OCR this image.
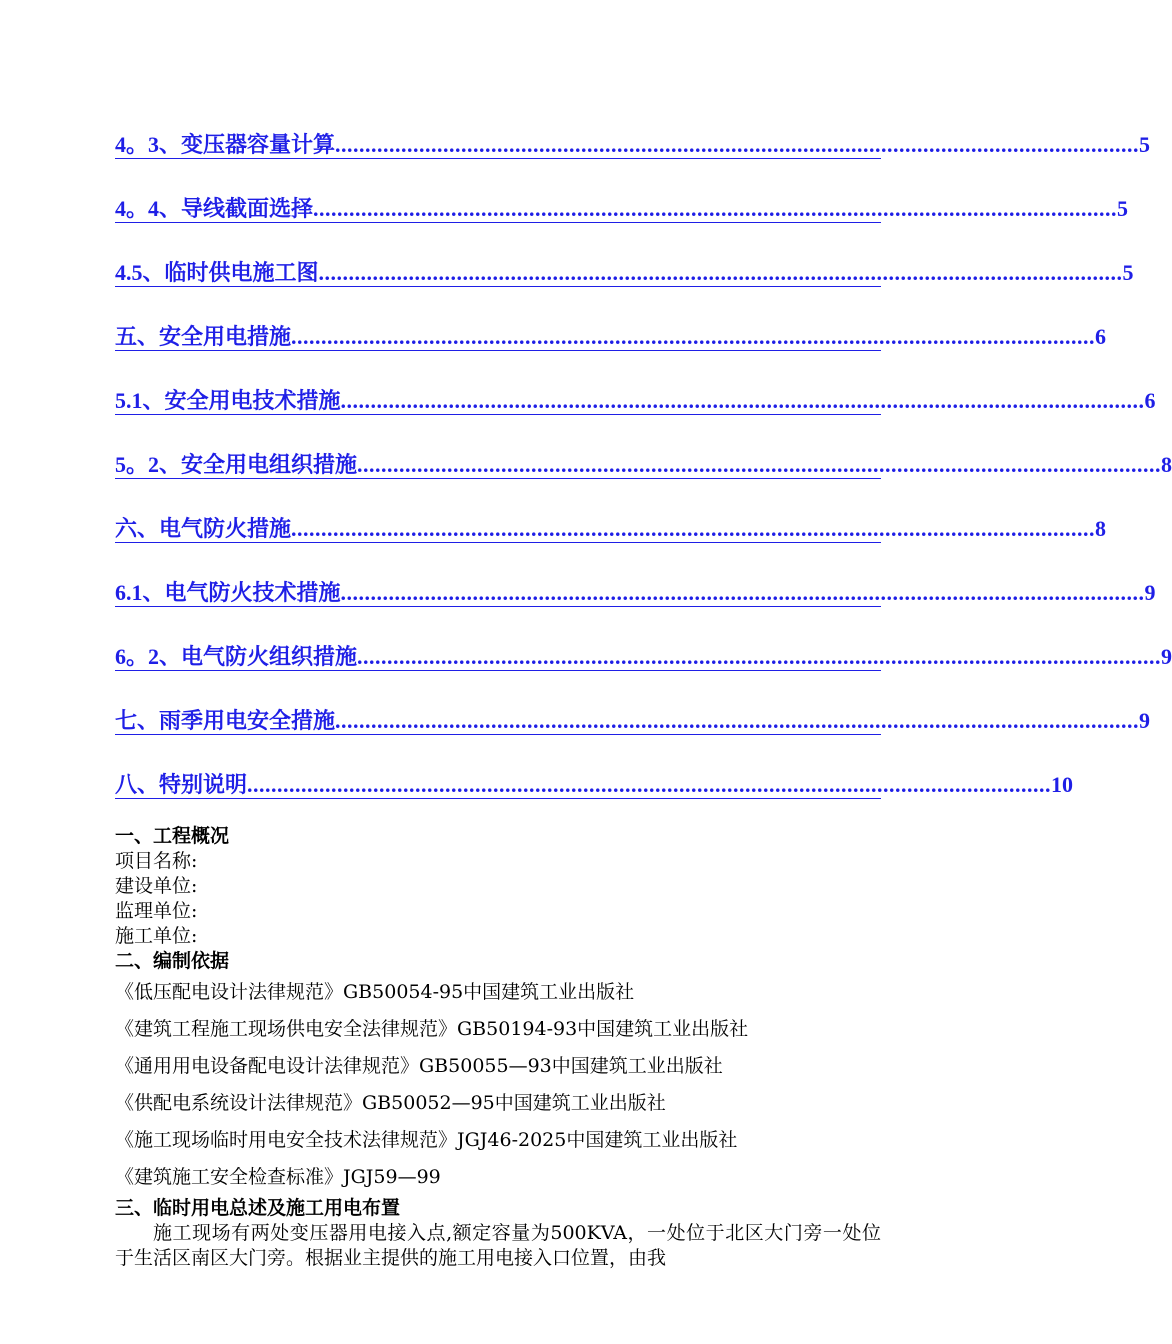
4。3、变压器容量计算 ...................................................................................................................................... 5
4。4、导线截面选择 ...................................................................................................................................... 5
4.5、临时供电施工图 ...................................................................................................................................... 5
五、安全用电措施 ...................................................................................................................................... 6
5.1、安全用电技术措施 ...................................................................................................................................... 6
5。2、安全用电组织措施 ...................................................................................................................................... 8
六、电气防火措施 ...................................................................................................................................... 8
6.1、电气防火技术措施 ...................................................................................................................................... 9
6。2、电气防火组织措施 ...................................................................................................................................... 9
七、雨季用电安全措施 ...................................................................................................................................... 9
八、特别说明 ...................................................................................................................................... 10
一、工程概况
项目名称:
建设单位:
监理单位:
施工单位:
二、编制依据
《低压配电设计法律规范》GB50054-95中国建筑工业出版社
《建筑工程施工现场供电安全法律规范》GB50194-93中国建筑工业出版社
《通用用电设备配电设计法律规范》GB50055—93中国建筑工业出版社
《供配电系统设计法律规范》GB50052—95中国建筑工业出版社
《施工现场临时用电安全技术法律规范》JGJ46-2025中国建筑工业出版社
《建筑施工安全检查标准》JGJ59—99
三、临时用电总述及施工用电布置
施工现场有两处变压器用电接入点,额定容量为500KVA，一处位于北区大门旁一处位于生活区南区大门旁。根据业主提供的施工用电接入口位置，由我
